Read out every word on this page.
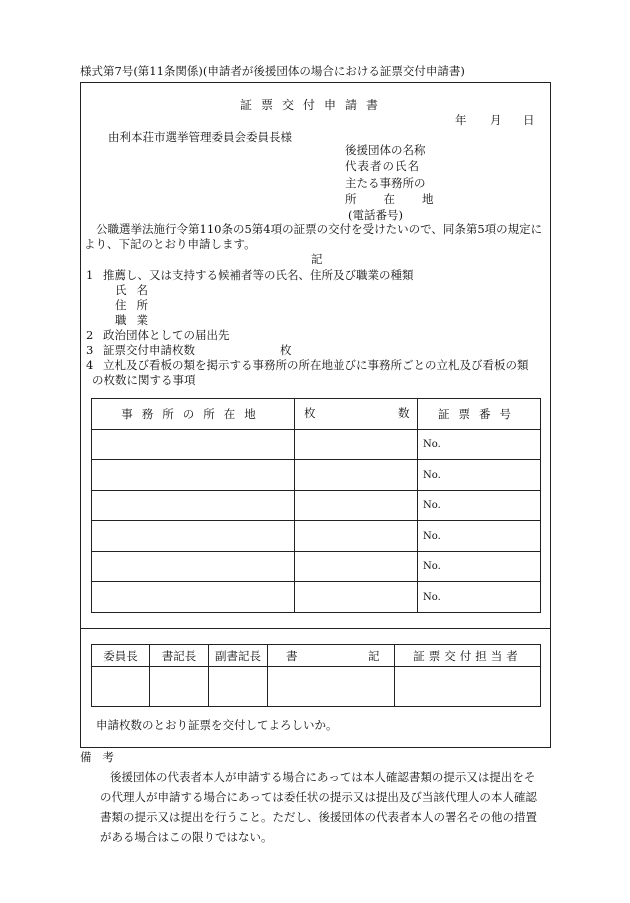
様式第7号(第11条関係)(申請者が後援団体の場合における証票交付申請書)
証票交付申請書
年 月 日
由利本荘市選挙管理委員会委員長様
後援団体の名称
代表者の氏名
主たる事務所の
所在地
(電話番号)
公職選挙法施行令第110条の5第4項の証票の交付を受けたいので、同条第5項の規定に
より、下記のとおり申請します。
記
1 推薦し、又は支持する候補者等の氏名、住所及び職業の種類
氏名
住所
職業
2 政治団体としての届出先
3 証票交付申請枚数	枚
4 立札及び看板の類を掲示する事務所の所在地並びに事務所ごとの立札及び看板の類
の枚数に関する事項
事務所の所在地	枚 数	証票番号
		No.
		No.
		No.
		No.
		No.
		No.
委員長	書記長	副書記長	書 記	証票交付担当者

申請枚数のとおり証票を交付してよろしいか。
備考
後援団体の代表者本人が申請する場合にあっては本人確認書類の提示又は提出をそ
の代理人が申請する場合にあっては委任状の提示又は提出及び当該代理人の本人確認
書類の提示又は提出を行うこと。ただし、後援団体の代表者本人の署名その他の措置
がある場合はこの限りではない。
